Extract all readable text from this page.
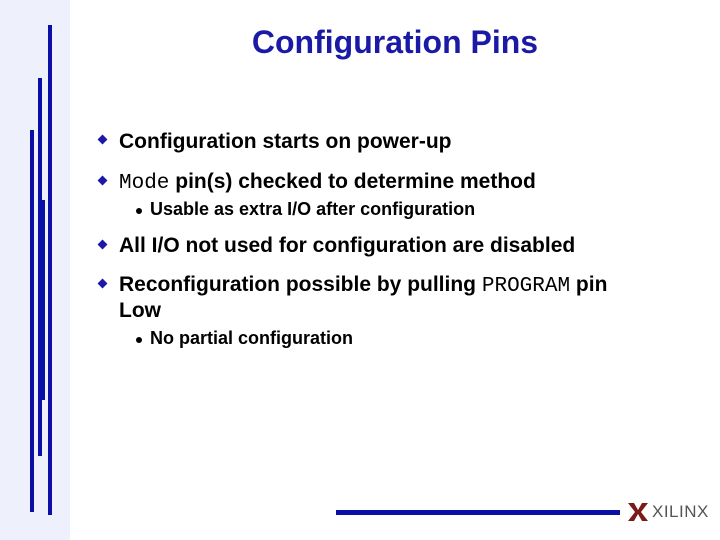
Configuration Pins
Configuration starts on power-up
Mode pin(s) checked to determine method
Usable as extra I/O after configuration
All I/O not used for configuration are disabled
Reconfiguration possible by pulling PROGRAM pin
Low
No partial configuration
XILINX
